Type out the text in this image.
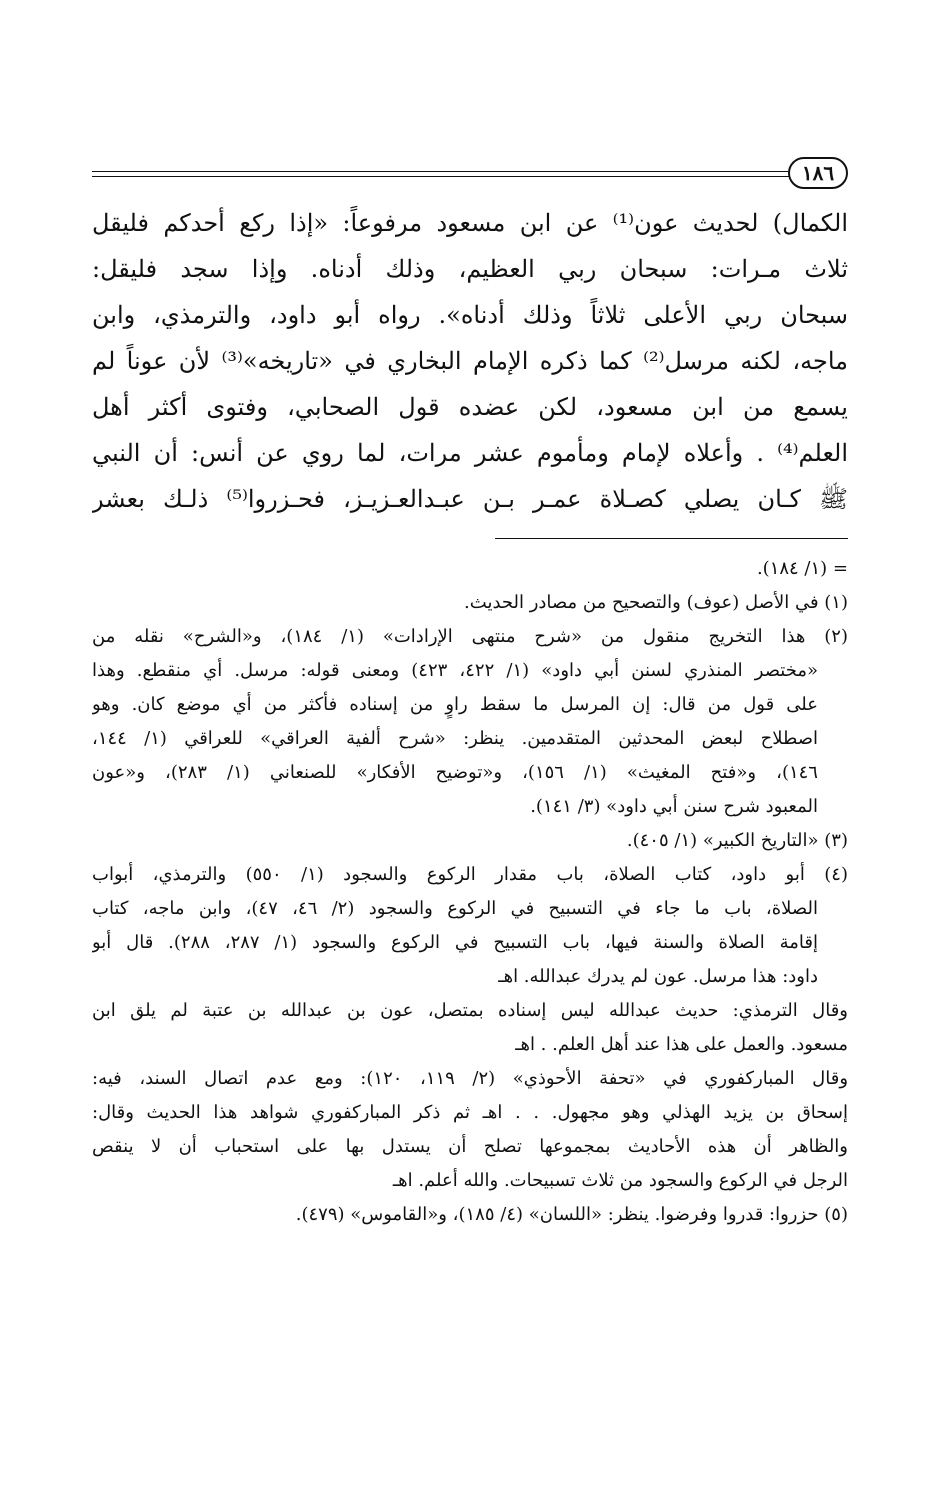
١٨٦
الكمال) لحديث عون⁽¹⁾ عن ابن مسعود مرفوعاً: «إذا ركع أحدكم فليقل
ثلاث مـرات: سبحان ربي العظيم، وذلك أدناه. وإذا سجد فليقل:
سبحان ربي الأعلى ثلاثاً وذلك أدناه». رواه أبو داود، والترمذي، وابن
ماجه، لكنه مرسل⁽²⁾ كما ذكره الإمام البخاري في «تاريخه»⁽³⁾ لأن عوناً لم
يسمع من ابن مسعود، لكن عضده قول الصحابي، وفتوى أكثر أهل
العلم⁽⁴⁾ . وأعلاه لإمام ومأموم عشر مرات، لما روي عن أنس: أن النبي
ﷺ كـان يصلي كصـلاة عمـر بـن عبـدالعـزيـز، فحـزروا⁽⁵⁾ ذلـك بعشر
= (١/ ١٨٤).
(١) في الأصل (عوف) والتصحيح من مصادر الحديث.
(٢) هذا التخريج منقول من «شرح منتهى الإرادات» (١/ ١٨٤)، و«الشرح» نقله من
«مختصر المنذري لسنن أبي داود» (١/ ٤٢٢، ٤٢٣) ومعنى قوله: مرسل. أي منقطع. وهذا
على قول من قال: إن المرسل ما سقط راوٍ من إسناده فأكثر من أي موضع كان. وهو
اصطلاح لبعض المحدثين المتقدمين. ينظر: «شرح ألفية العراقي» للعراقي (١/ ١٤٤،
١٤٦)، و«فتح المغيث» (١/ ١٥٦)، و«توضيح الأفكار» للصنعاني (١/ ٢٨٣)، و«عون
المعبود شرح سنن أبي داود» (٣/ ١٤١).
(٣) «التاريخ الكبير» (١/ ٤٠٥).
(٤) أبو داود، كتاب الصلاة، باب مقدار الركوع والسجود (١/ ٥٥٠) والترمذي، أبواب
الصلاة، باب ما جاء في التسبيح في الركوع والسجود (٢/ ٤٦، ٤٧)، وابن ماجه، كتاب
إقامة الصلاة والسنة فيها، باب التسبيح في الركوع والسجود (١/ ٢٨٧، ٢٨٨). قال أبو
داود: هذا مرسل. عون لم يدرك عبدالله. اهـ
وقال الترمذي: حديث عبدالله ليس إسناده بمتصل، عون بن عبدالله بن عتبة لم يلق ابن
مسعود. والعمل على هذا عند أهل العلم. . اهـ
وقال المباركفوري في «تحفة الأحوذي» (٢/ ١١٩، ١٢٠): ومع عدم اتصال السند، فيه:
إسحاق بن يزيد الهذلي وهو مجهول. . . اهـ ثم ذكر المباركفوري شواهد هذا الحديث وقال:
والظاهر أن هذه الأحاديث بمجموعها تصلح أن يستدل بها على استحباب أن لا ينقص
الرجل في الركوع والسجود من ثلاث تسبيحات. والله أعلم. اهـ
(٥) حزروا: قدروا وفرضوا. ينظر: «اللسان» (٤/ ١٨٥)، و«القاموس» (٤٧٩).
